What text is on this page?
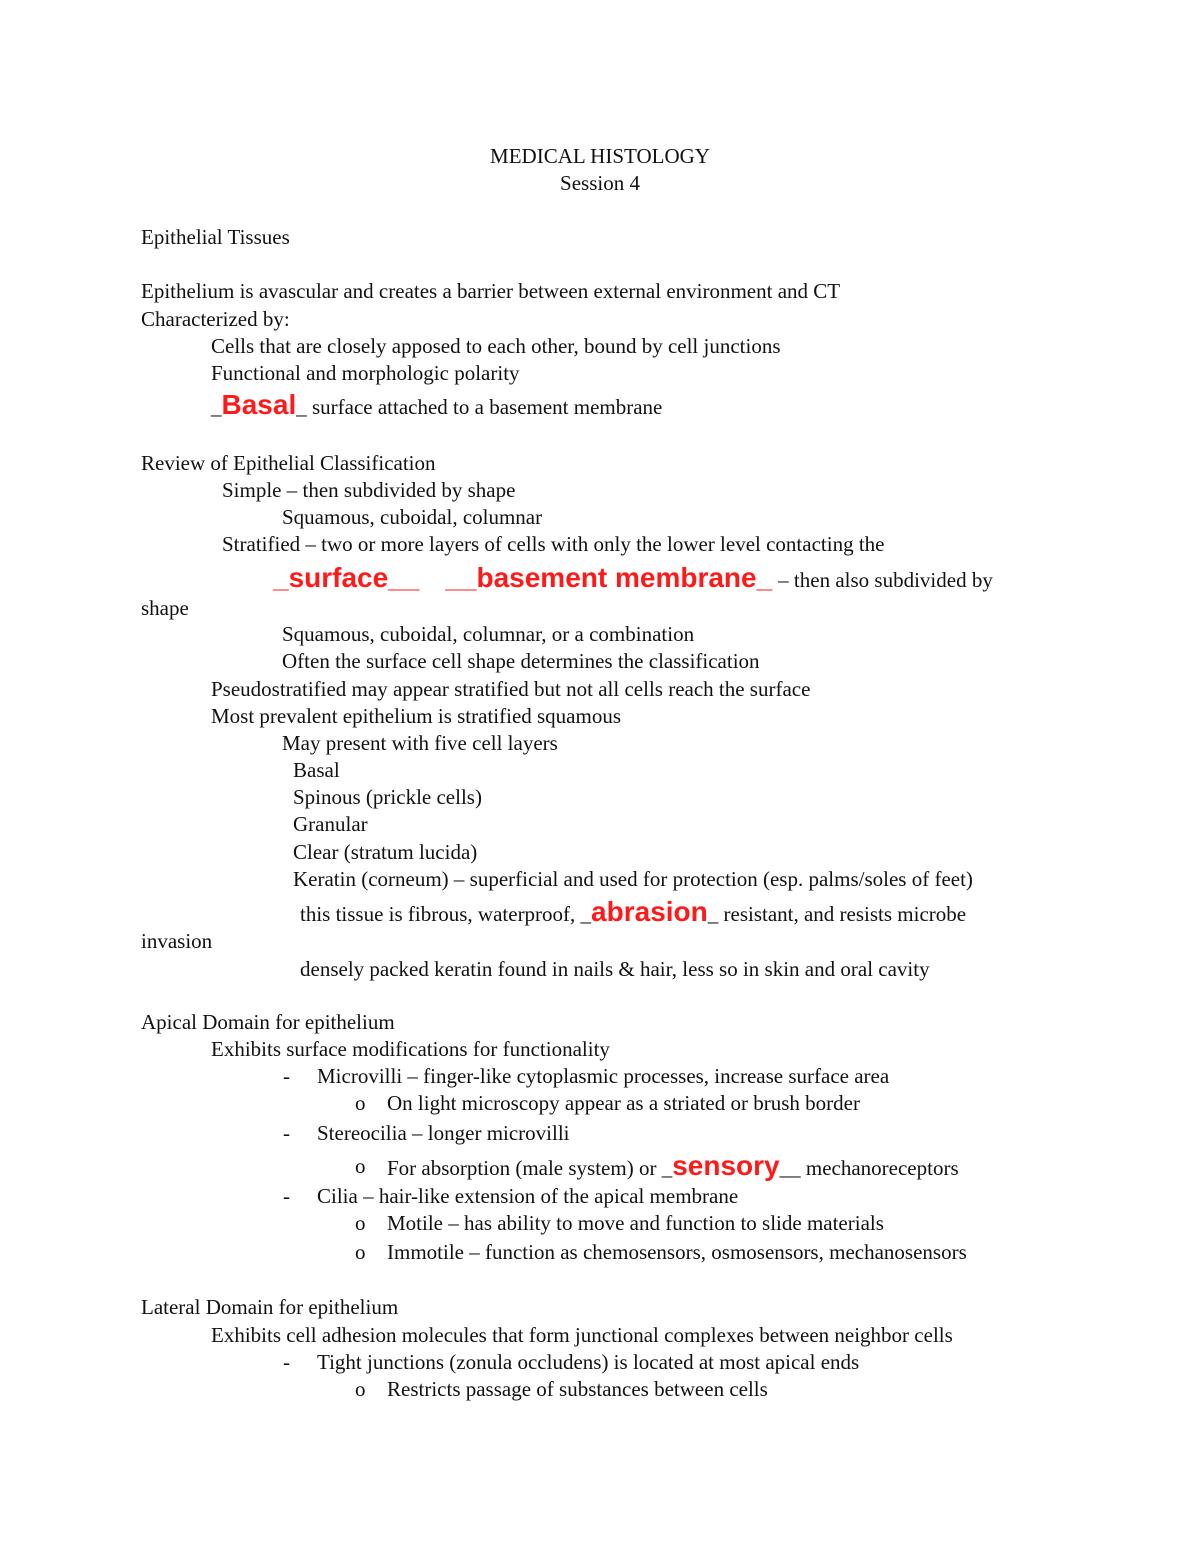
MEDICAL HISTOLOGY
Session 4
Epithelial Tissues
Epithelium is avascular and creates a barrier between external environment and CT
Characterized by:
Cells that are closely apposed to each other, bound by cell junctions
Functional and morphologic polarity
_Basal_ surface attached to a basement membrane
Review of Epithelial Classification
Simple – then subdivided by shape
Squamous, cuboidal, columnar
Stratified – two or more layers of cells with only the lower level contacting the
_surface__ __basement membrane_ – then also subdivided by
shape
Squamous, cuboidal, columnar, or a combination
Often the surface cell shape determines the classification
Pseudostratified may appear stratified but not all cells reach the surface
Most prevalent epithelium is stratified squamous
May present with five cell layers
Basal
Spinous (prickle cells)
Granular
Clear (stratum lucida)
Keratin (corneum) – superficial and used for protection (esp. palms/soles of feet)
this tissue is fibrous, waterproof, _abrasion_ resistant, and resists microbe
invasion
densely packed keratin found in nails & hair, less so in skin and oral cavity
Apical Domain for epithelium
Exhibits surface modifications for functionality
- Microvilli – finger-like cytoplasmic processes, increase surface area
o On light microscopy appear as a striated or brush border
- Stereocilia – longer microvilli
o For absorption (male system) or _sensory__ mechanoreceptors
- Cilia – hair-like extension of the apical membrane
o Motile – has ability to move and function to slide materials
o Immotile – function as chemosensors, osmosensors, mechanosensors
Lateral Domain for epithelium
Exhibits cell adhesion molecules that form junctional complexes between neighbor cells
- Tight junctions (zonula occludens) is located at most apical ends
o Restricts passage of substances between cells
